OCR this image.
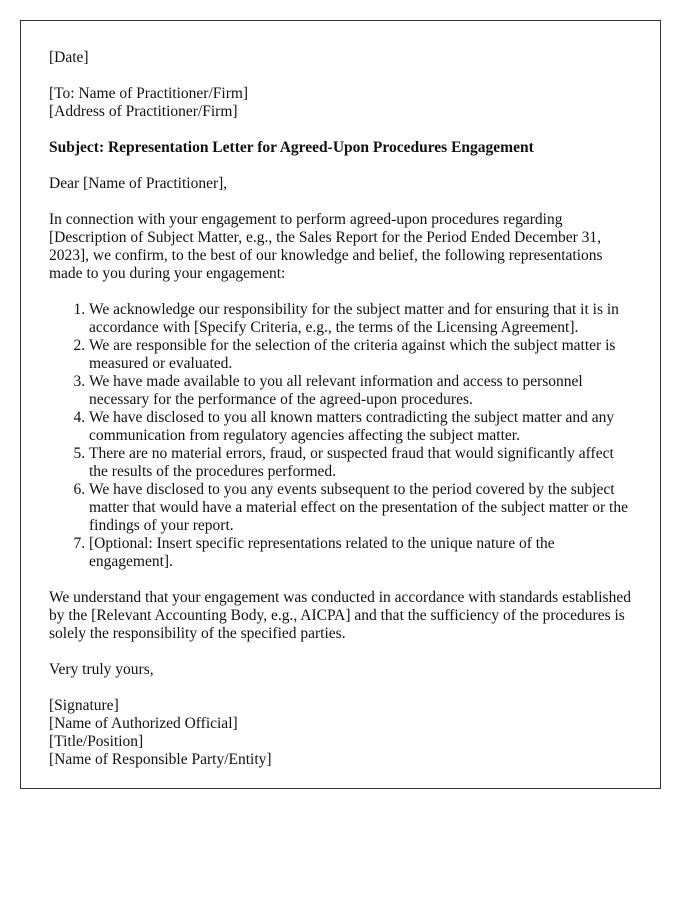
[Date]

[To: Name of Practitioner/Firm]

[Address of Practitioner/Firm]

Subject: Representation Letter for Agreed-Upon Procedures Engagement

Dear [Name of Practitioner],

In connection with your engagement to perform agreed-upon procedures regarding [Description of Subject Matter, e.g., the Sales Report for the Period Ended December 31, 2023], we confirm, to the best of our knowledge and belief, the following representations made to you during your engagement:

1. We acknowledge our responsibility for the subject matter and for ensuring that it is in accordance with [Specify Criteria, e.g., the terms of the Licensing Agreement].
2. We are responsible for the selection of the criteria against which the subject matter is measured or evaluated.
3. We have made available to you all relevant information and access to personnel necessary for the performance of the agreed-upon procedures.
4. We have disclosed to you all known matters contradicting the subject matter and any communication from regulatory agencies affecting the subject matter.
5. There are no material errors, fraud, or suspected fraud that would significantly affect the results of the procedures performed.
6. We have disclosed to you any events subsequent to the period covered by the subject matter that would have a material effect on the presentation of the subject matter or the findings of your report.
7. [Optional: Insert specific representations related to the unique nature of the engagement].

We understand that your engagement was conducted in accordance with standards established by the [Relevant Accounting Body, e.g., AICPA] and that the sufficiency of the procedures is solely the responsibility of the specified parties.

Very truly yours,

[Signature]

[Name of Authorized Official]

[Title/Position]

[Name of Responsible Party/Entity]
